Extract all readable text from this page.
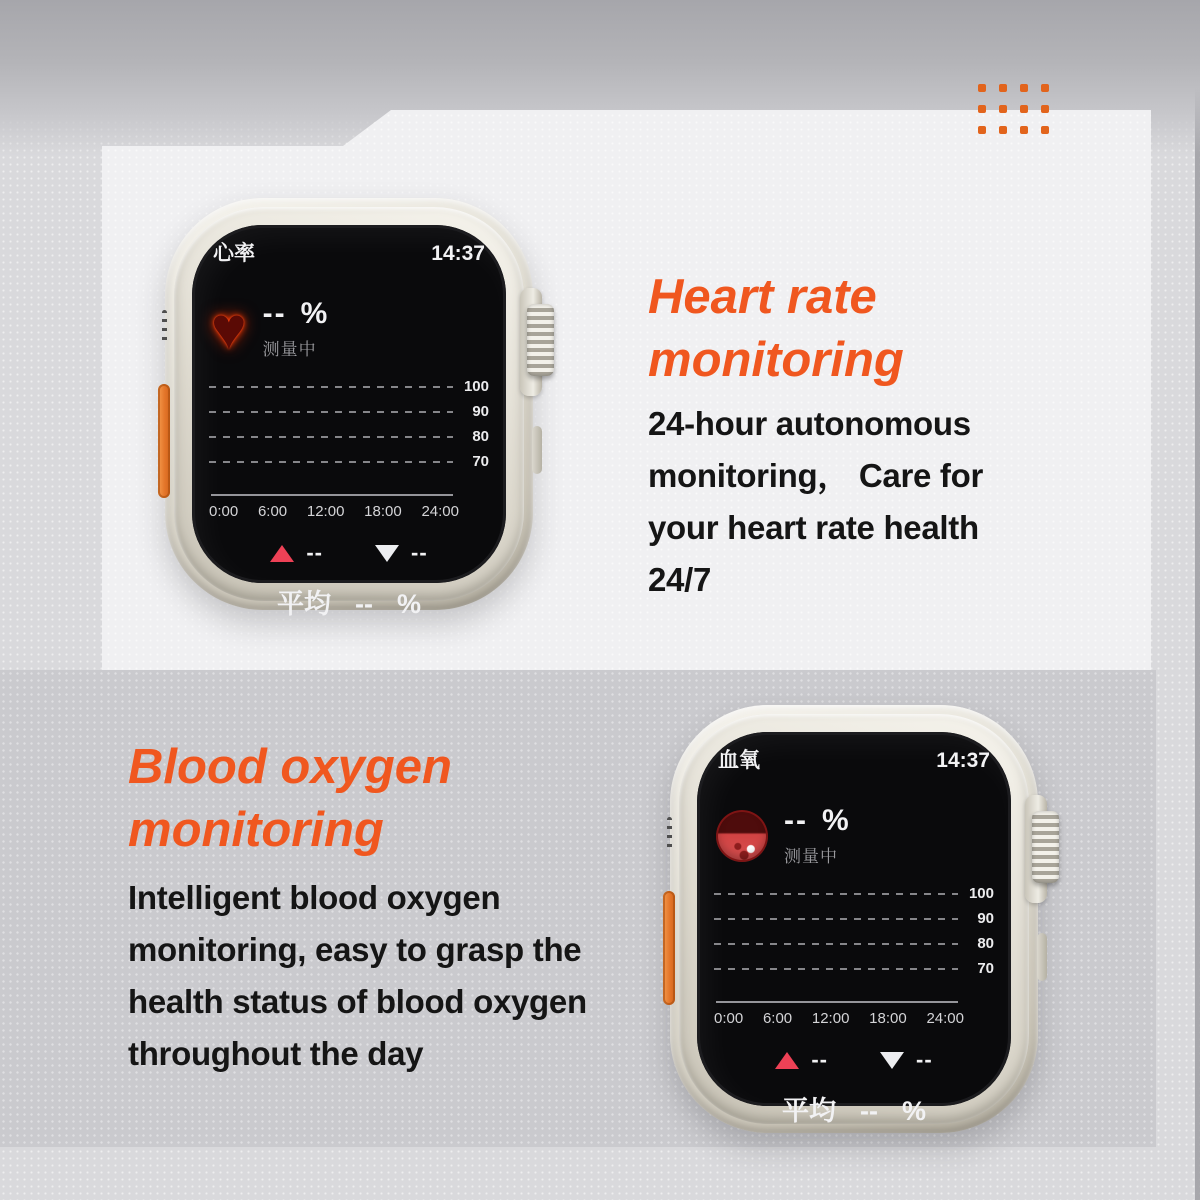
心率	14:37
♥ -- %
测量中
100
90
80
70
0:00 6:00 12:00 18:00 24:00
--	--
平均 -- %
Heart rate
monitoring
24-hour autonomous monitoring， Care for your heart rate health 24/7
Blood oxygen
monitoring
Intelligent blood oxygen monitoring, easy to grasp the health status of blood oxygen throughout the day
血氧	14:37
-- %
测量中
100
90
80
70
0:00 6:00 12:00 18:00 24:00
--	--
平均 -- %
